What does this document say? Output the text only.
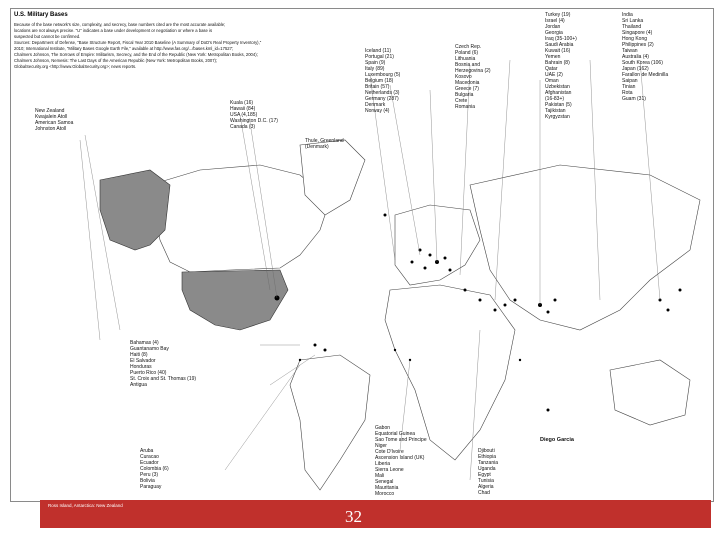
U.S. Military Bases
Because of the base network's size, complexity, and secrecy, base numbers cited are the most accurate available;
locations are not always precise. "U" indicates a base under development or negotiation or where a base is
suspected but cannot be confirmed.
Sources: Department of Defense, "Base Structure Report, Fiscal Year 2010 Baseline (A Summary of DoD's Real Property Inventory),"
2010; International Institute, "Military Bases Google Earth File," available at http://www.fas.org/.../bases.kml_id=17527;
Chalmers Johnson, The Sorrows of Empire: Militarism, Secrecy, and the End of the Republic (New York: Metropolitan Books, 2004);
Chalmers Johnson, Nemesis: The Last Days of the American Republic (New York: Metropolitan Books, 2007);
GlobalSecurity.org <http://www.GlobalSecurity.org>; news reports.
New Zealand
Kwajalein Atoll
American Samoa
Johnston Atoll
Kuala (16)
Hawaii (84)
USA (4,185)
Washington D.C. (17)
Canada (3)
Thule, Greenland
(Denmark)
Iceland (11)
Portugal (21)
Spain (9)
Italy (89)
Luxembourg (5)
Belgium (18)
Britain (57)
Netherlands (3)
Germany (287)
Denmark
Norway (4)
Czech Rep.
Poland (6)
Lithuania
Bosnia and
Herzegovina (2)
Kosovo
Macedonia
Greece (7)
Bulgaria
Crete
Romania
Turkey (19)
Israel (4)
Jordan
Georgia
Iraq (35-100+)
Saudi Arabia
Kuwait (16)
Yemen
Bahrain (8)
Qatar
UAE (2)
Oman
Uzbekistan
Afghanistan
(16-83+)
Pakistan (5)
Tajikistan
Kyrgyzstan
India
Sri Lanka
Thailand
Singapore (4)
Hong Kong
Philippines (2)
Taiwan
Australia (4)
South Korea (106)
Japan (162)
Farallon de Medinilla
Saipan
Tinian
Rota
Guam (31)
Bahamas (4)
Guantanamo Bay
Haiti (8)
El Salvador
Honduras
Puerto Rico (40)
St. Croix and St. Thomas (19)
Antigua
Aruba
Curacao
Ecuador
Colombia (6)
Peru (3)
Bolivia
Paraguay
Gabon
Equatorial Guinea
Sao Tome and Principe
Niger
Cote D'Ivoire
Ascension Island (UK)
Liberia
Sierra Leone
Mali
Senegal
Mauritania
Morocco
Djibouti
Ethiopia
Tanzania
Uganda
Egypt
Tunisia
Algeria
Chad
Diego Garcia
Ross Island, Antarctica: New Zealand
32
